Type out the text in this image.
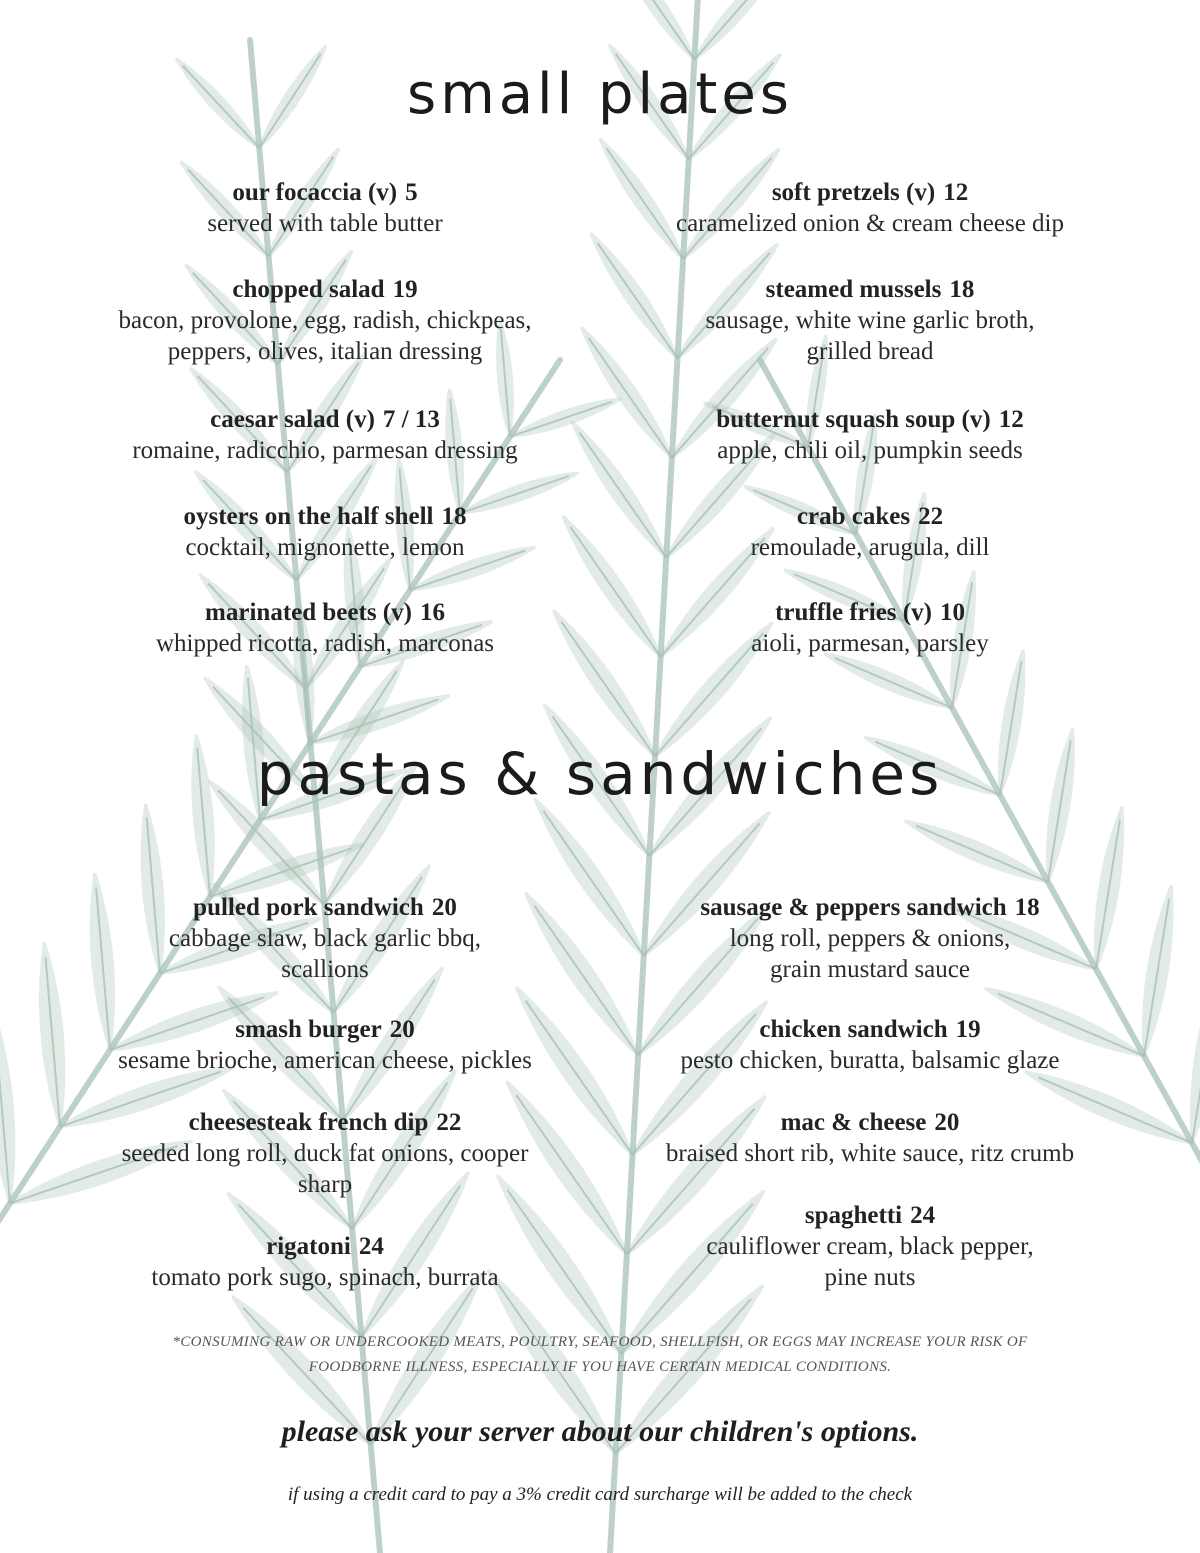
small plates
our focaccia (v) 5
served with table butter
chopped salad 19
bacon, provolone, egg, radish, chickpeas,
peppers, olives, italian dressing
caesar salad (v) 7 / 13
romaine, radicchio, parmesan dressing
oysters on the half shell 18
cocktail, mignonette, lemon
marinated beets (v) 16
whipped ricotta, radish, marconas
soft pretzels (v) 12
caramelized onion & cream cheese dip
steamed mussels 18
sausage, white wine garlic broth,
grilled bread
butternut squash soup (v) 12
apple, chili oil, pumpkin seeds
crab cakes 22
remoulade, arugula, dill
truffle fries (v) 10
aioli, parmesan, parsley
pastas & sandwiches
pulled pork sandwich 20
cabbage slaw, black garlic bbq,
scallions
smash burger 20
sesame brioche, american cheese, pickles
cheesesteak french dip 22
seeded long roll, duck fat onions, cooper
sharp
rigatoni 24
tomato pork sugo, spinach, burrata
sausage & peppers sandwich 18
long roll, peppers & onions,
grain mustard sauce
chicken sandwich 19
pesto chicken, buratta, balsamic glaze
mac & cheese 20
braised short rib, white sauce, ritz crumb
spaghetti 24
cauliflower cream, black pepper,
pine nuts
*CONSUMING RAW OR UNDERCOOKED MEATS, POULTRY, SEAFOOD, SHELLFISH, OR EGGS MAY INCREASE YOUR RISK OF
FOODBORNE ILLNESS, ESPECIALLY IF YOU HAVE CERTAIN MEDICAL CONDITIONS.
please ask your server about our children's options.
if using a credit card to pay a 3% credit card surcharge will be added to the check
